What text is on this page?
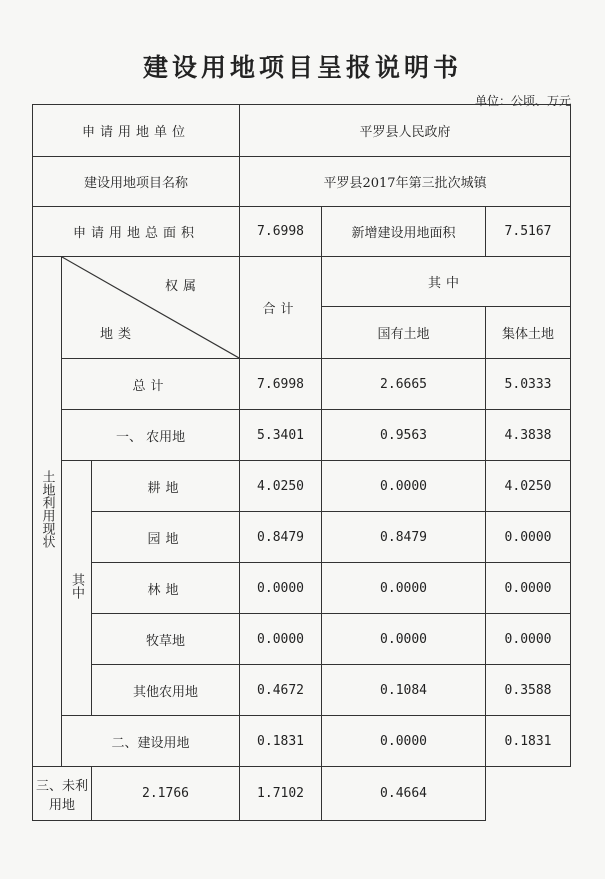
建设用地项目呈报说明书
单位：公顷、万元
申请用地单位			平罗县人民政府		
建设用地项目名称			平罗县2017年第三批次城镇		
申请用地总面积			7.6998	新增建设用地面积	7.5167
土地利用现状	权属
地类		合计	其中	
				国有土地	集体土地
	总计		7.6998	2.6665	5.0333
	一、 农用地		5.3401	0.9563	4.3838
	其中	耕地	4.0250	0.0000	4.0250
		园地	0.8479	0.8479	0.0000
		林地	0.0000	0.0000	0.0000
		牧草地	0.0000	0.0000	0.0000
		其他农用地	0.4672	0.1084	0.3588
	二、建设用地		0.1831	0.0000	0.1831
三、未利用地		2.1766	1.7102	0.4664	
